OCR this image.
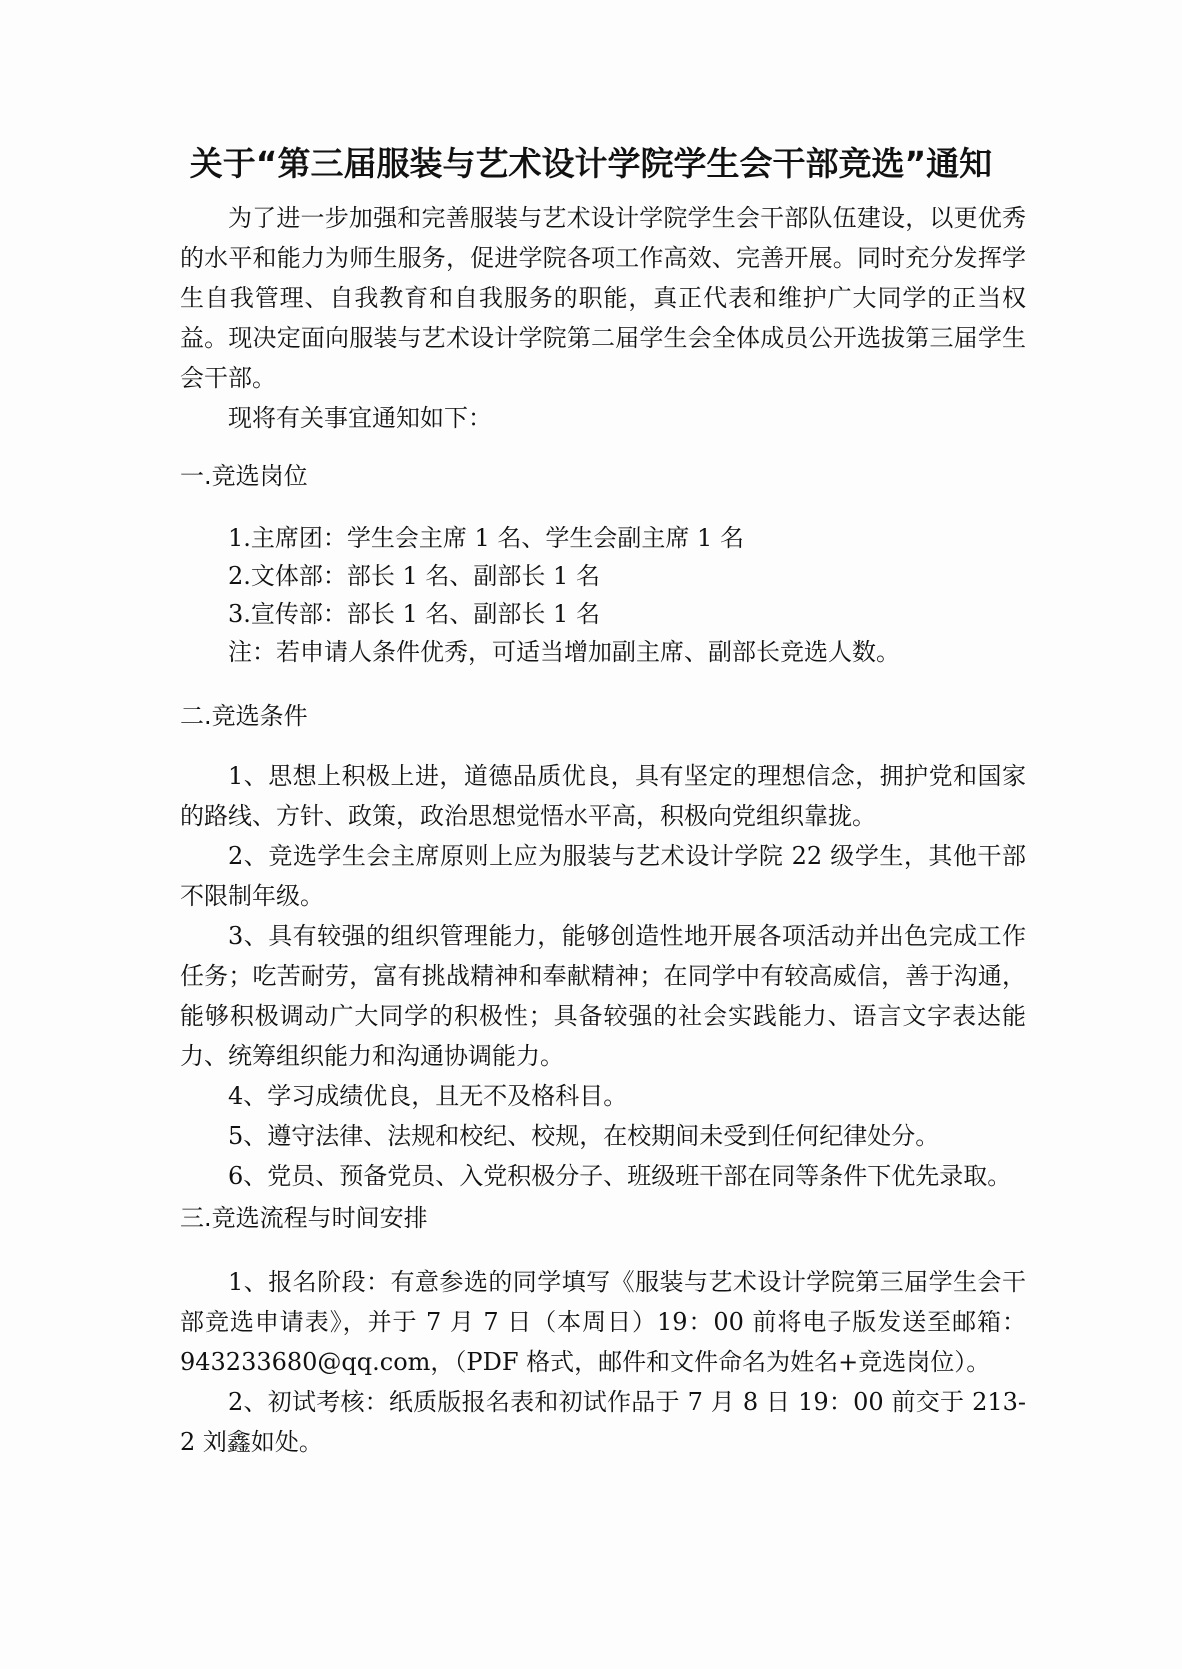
关于“第三届服装与艺术设计学院学生会干部竞选”通知

为了进一步加强和完善服装与艺术设计学院学生会干部队伍建设，以更优秀的水平和能力为师生服务，促进学院各项工作高效、完善开展。同时充分发挥学生自我管理、自我教育和自我服务的职能，真正代表和维护广大同学的正当权益。现决定面向服装与艺术设计学院第二届学生会全体成员公开选拔第三届学生会干部。

现将有关事宜通知如下：

一.竞选岗位
1.主席团：学生会主席 1 名、学生会副主席 1 名
2.文体部：部长 1 名、副部长 1 名
3.宣传部：部长 1 名、副部长 1 名
注：若申请人条件优秀，可适当增加副主席、副部长竞选人数。
二.竞选条件

1、思想上积极上进，道德品质优良，具有坚定的理想信念，拥护党和国家的路线、方针、政策，政治思想觉悟水平高，积极向党组织靠拢。

2、竞选学生会主席原则上应为服装与艺术设计学院 22 级学生，其他干部不限制年级。

3、具有较强的组织管理能力，能够创造性地开展各项活动并出色完成工作任务；吃苦耐劳，富有挑战精神和奉献精神；在同学中有较高威信，善于沟通，能够积极调动广大同学的积极性；具备较强的社会实践能力、语言文字表达能力、统筹组织能力和沟通协调能力。

4、学习成绩优良，且无不及格科目。

5、遵守法律、法规和校纪、校规，在校期间未受到任何纪律处分。

6、党员、预备党员、入党积极分子、班级班干部在同等条件下优先录取。

三.竞选流程与时间安排

1、报名阶段：有意参选的同学填写《服装与艺术设计学院第三届学生会干部竞选申请表》，并于 7 月 7 日（本周日）19：00 前将电子版发送至邮箱：943233680@qq.com，（PDF 格式，邮件和文件命名为姓名+竞选岗位）。

2、初试考核：纸质版报名表和初试作品于 7 月 8 日 19：00 前交于 213-2 刘鑫如处。
